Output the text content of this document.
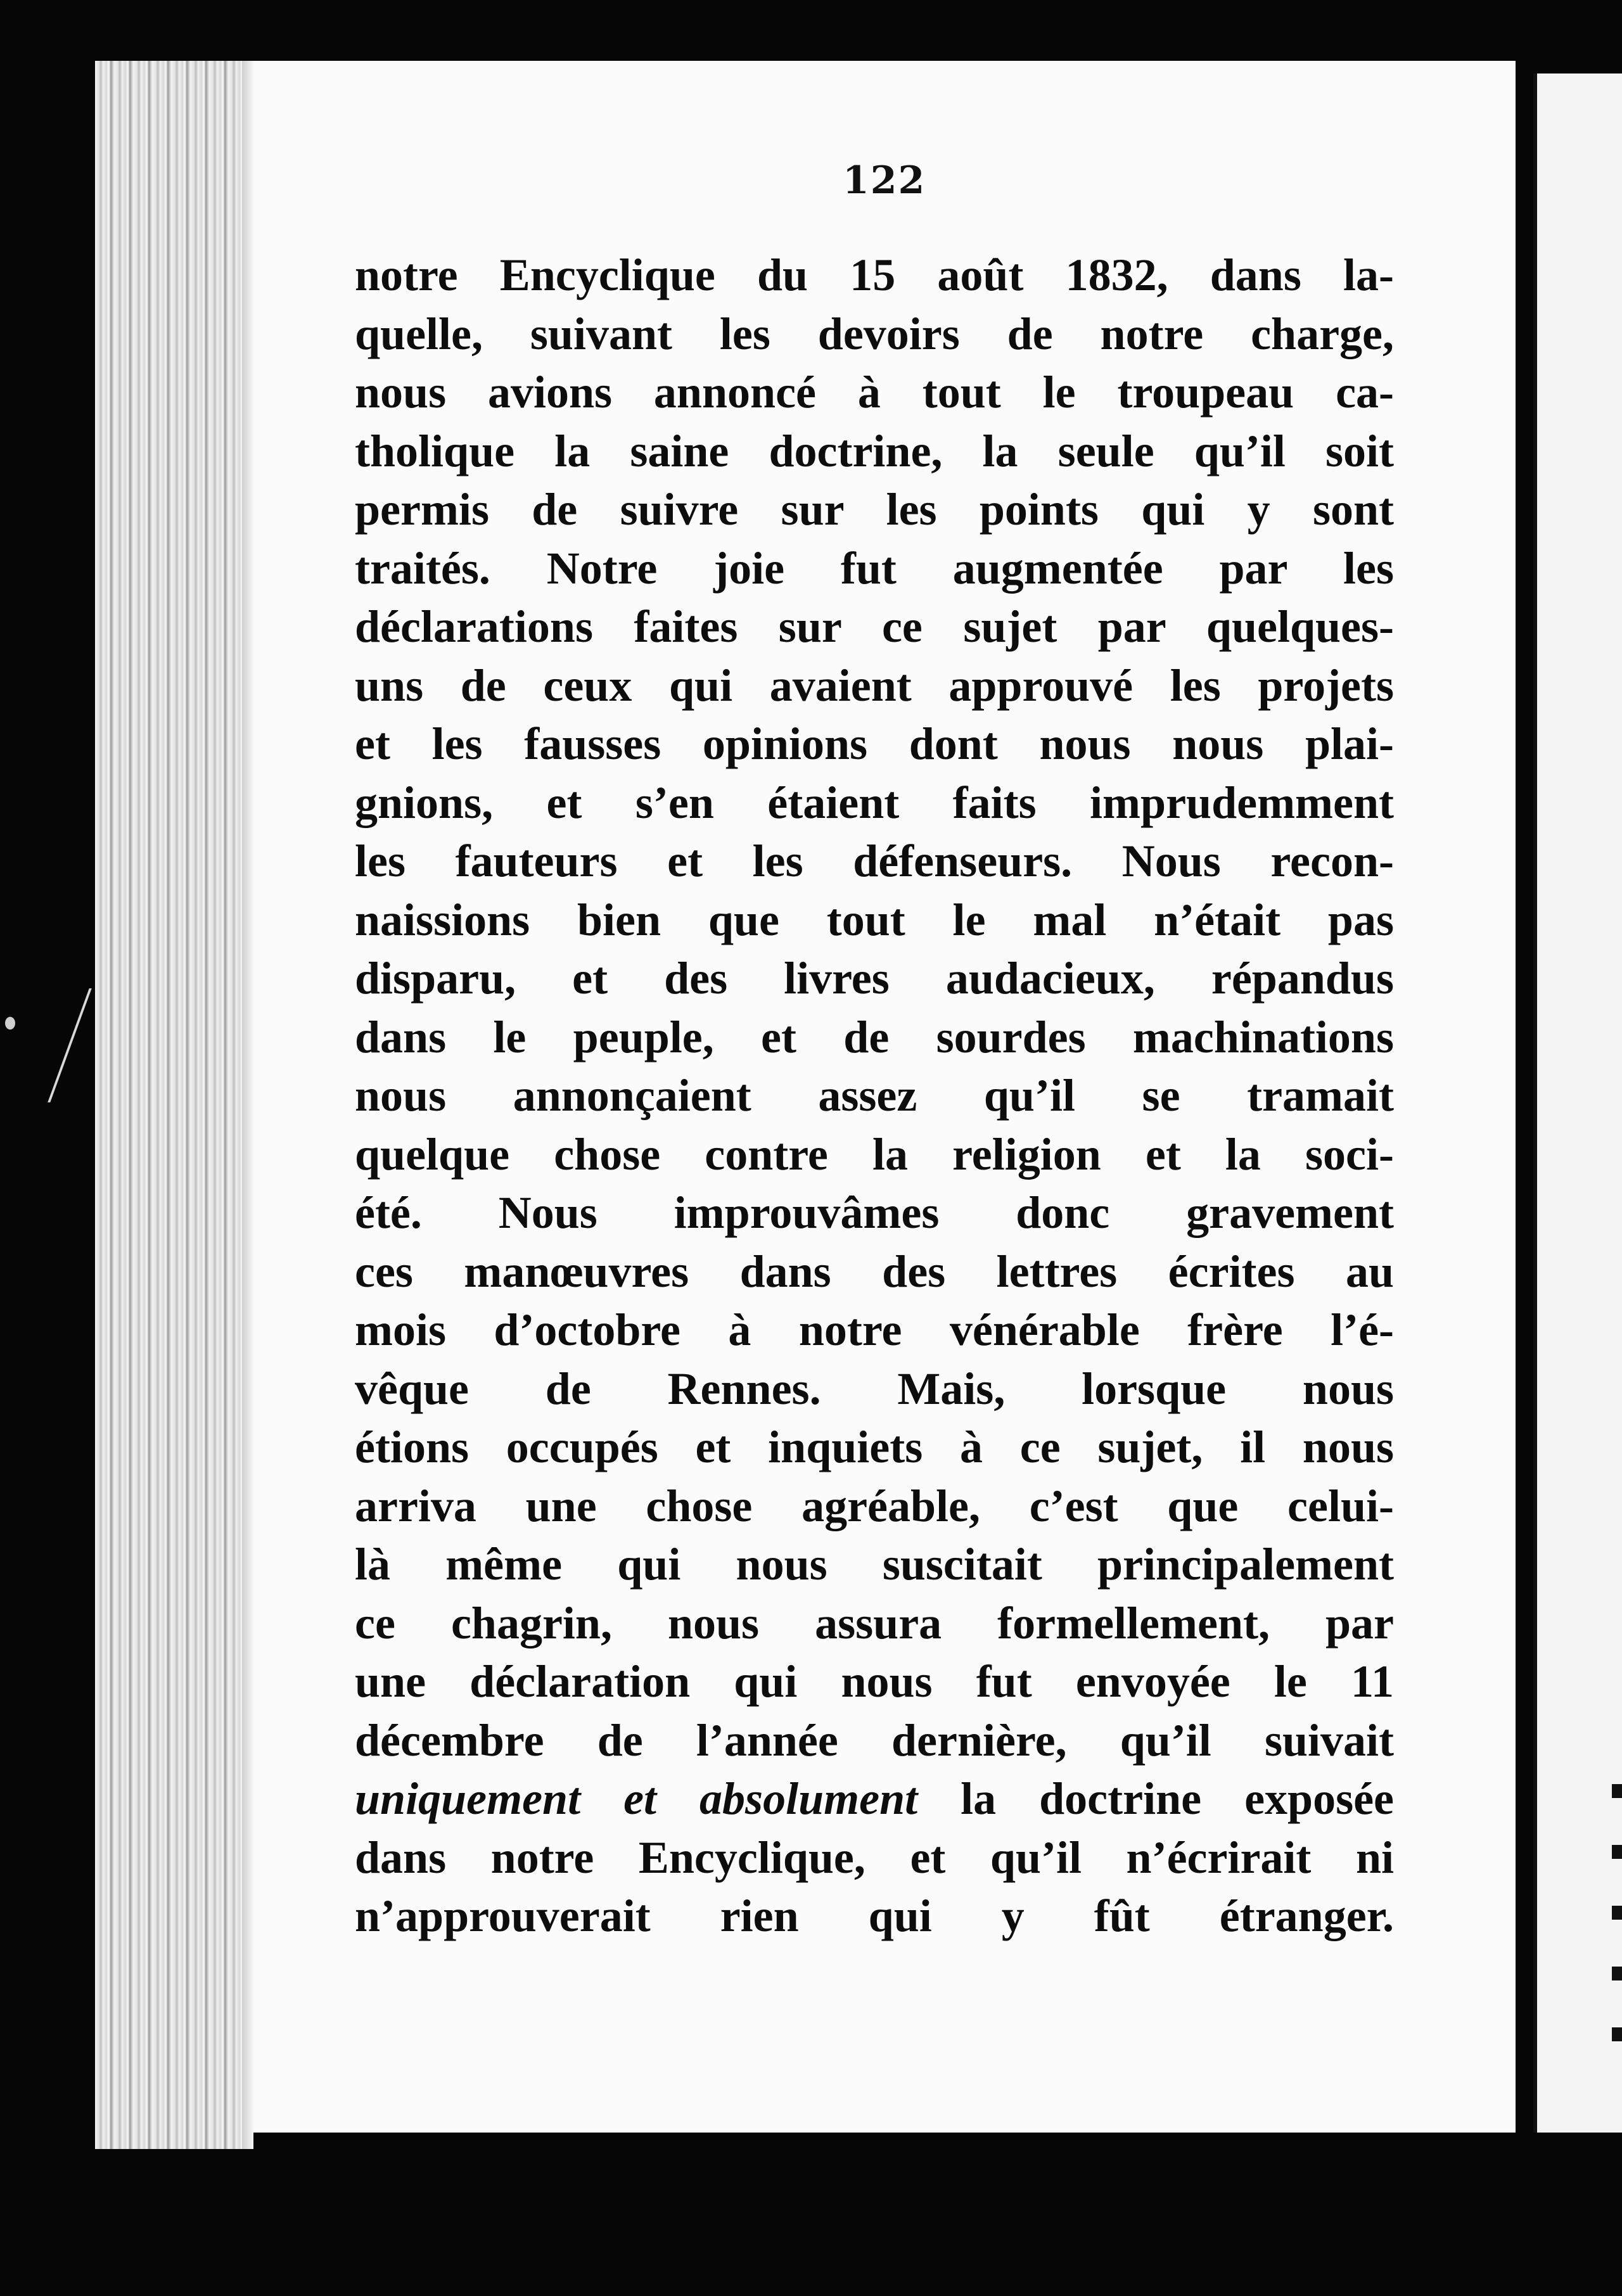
122
notre Encyclique du 15 août 1832, dans la-
quelle, suivant les devoirs de notre charge,
nous avions annoncé à tout le troupeau ca-
tholique la saine doctrine, la seule qu’il soit
permis de suivre sur les points qui y sont
traités. Notre joie fut augmentée par les
déclarations faites sur ce sujet par quelques-
uns de ceux qui avaient approuvé les projets
et les fausses opinions dont nous nous plai-
gnions, et s’en étaient faits imprudemment
les fauteurs et les défenseurs. Nous recon-
naissions bien que tout le mal n’était pas
disparu, et des livres audacieux, répandus
dans le peuple, et de sourdes machinations
nous annonçaient assez qu’il se tramait
quelque chose contre la religion et la soci-
été. Nous improuvâmes donc gravement
ces manœuvres dans des lettres écrites au
mois d’octobre à notre vénérable frère l’é-
vêque de Rennes. Mais, lorsque nous
étions occupés et inquiets à ce sujet, il nous
arriva une chose agréable, c’est que celui-
là même qui nous suscitait principalement
ce chagrin, nous assura formellement, par
une déclaration qui nous fut envoyée le 11
décembre de l’année dernière, qu’il suivait
uniquement et absolument la doctrine exposée
dans notre Encyclique, et qu’il n’écrirait ni
n’approuverait rien qui y fût étranger.
